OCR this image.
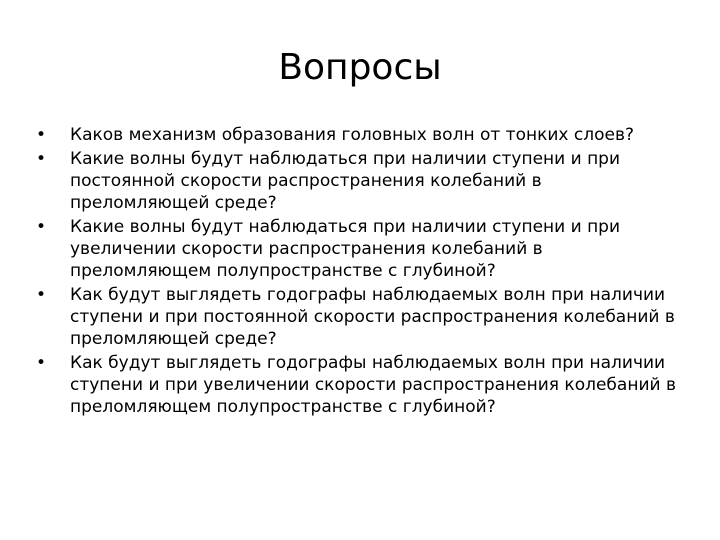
Вопросы
•	Каков механизм образования головных волн от тонких слоев?
•	Какие волны будут наблюдаться при наличии ступени и при постоянной скорости распространения колебаний в преломляющей среде?
•	Какие волны будут наблюдаться при наличии ступени и при увеличении скорости распространения колебаний в преломляющем полупространстве с глубиной?
•	Как будут выглядеть годографы наблюдаемых волн при наличии ступени и при постоянной скорости распространения колебаний в преломляющей среде?
•	Как будут выглядеть годографы наблюдаемых волн при наличии ступени и при увеличении скорости распространения колебаний в преломляющем полупространстве с глубиной?
